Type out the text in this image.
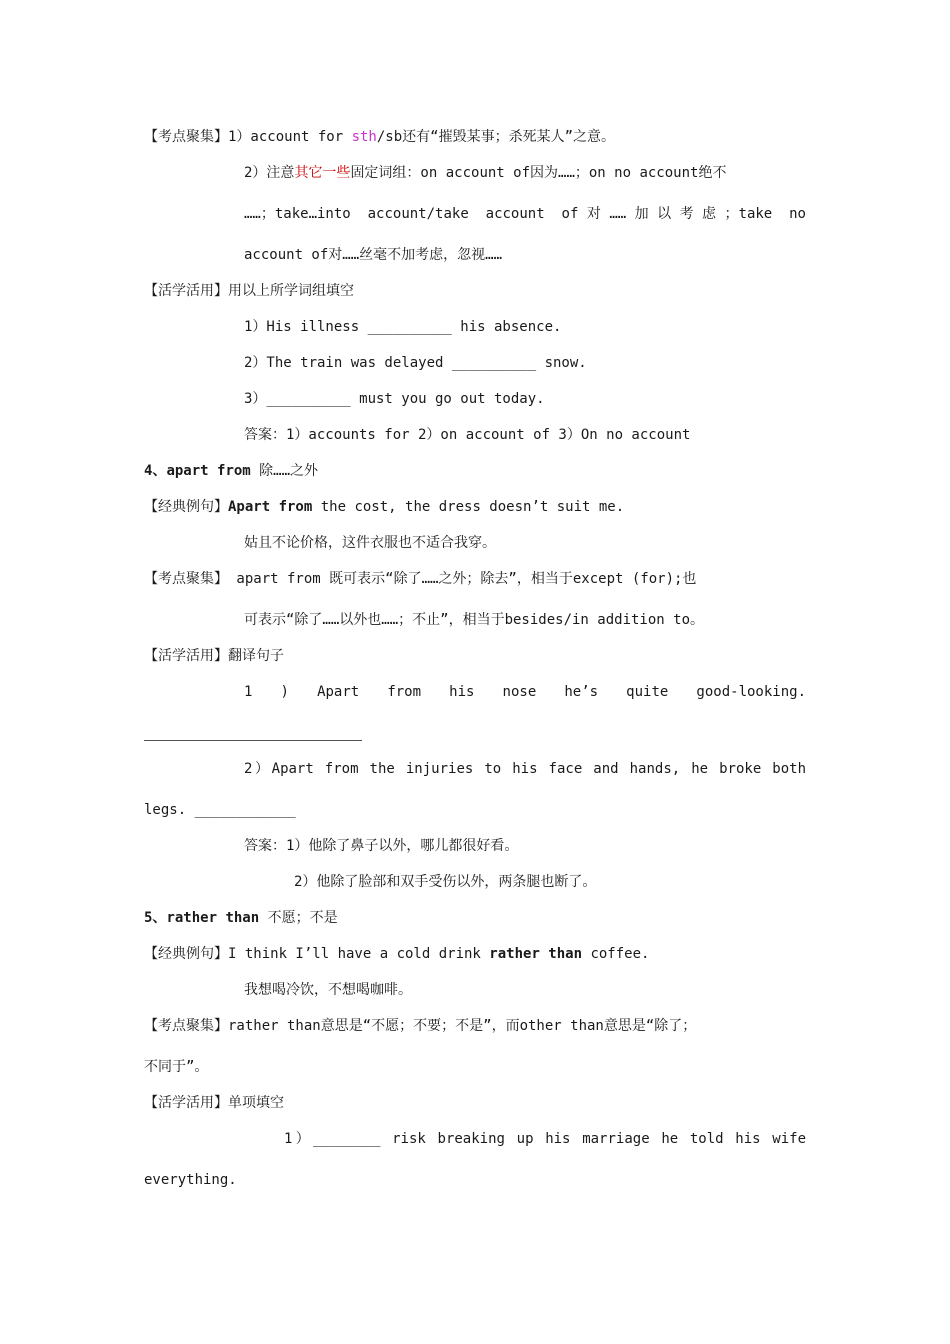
【考点聚集】1）account for sth/sb还有“摧毁某事；杀死某人”之意。
2）注意其它一些固定词组：on account of因为……；on no account绝不
……；take…into account/take account of对……加以考虑；take no
account of对……丝毫不加考虑，忽视……
【活学活用】用以上所学词组填空
1）His illness __________ his absence.
2）The train was delayed __________ snow.
3）__________ must you go out today.
答案：1）accounts for 2）on account of 3）On no account
4、apart from 除……之外
【经典例句】Apart from the cost, the dress doesn’t suit me.
姑且不论价格，这件衣服也不适合我穿。
【考点聚集】 apart from 既可表示“除了……之外；除去”，相当于except (for);也
可表示“除了……以外也……；不止”，相当于besides/in addition to。
【活学活用】翻译句子
1 ) Apart from his nose he’s quite good-looking.
2）Apart from the injuries to his face and hands, he broke both
legs. ____________
答案：1）他除了鼻子以外，哪儿都很好看。
2）他除了脸部和双手受伤以外，两条腿也断了。
5、rather than 不愿；不是
【经典例句】I think I’ll have a cold drink rather than coffee.
我想喝冷饮，不想喝咖啡。
【考点聚集】rather than意思是“不愿；不要；不是”，而other than意思是“除了；
不同于”。
【活学活用】单项填空
1）________ risk breaking up his marriage he told his wife
everything.
